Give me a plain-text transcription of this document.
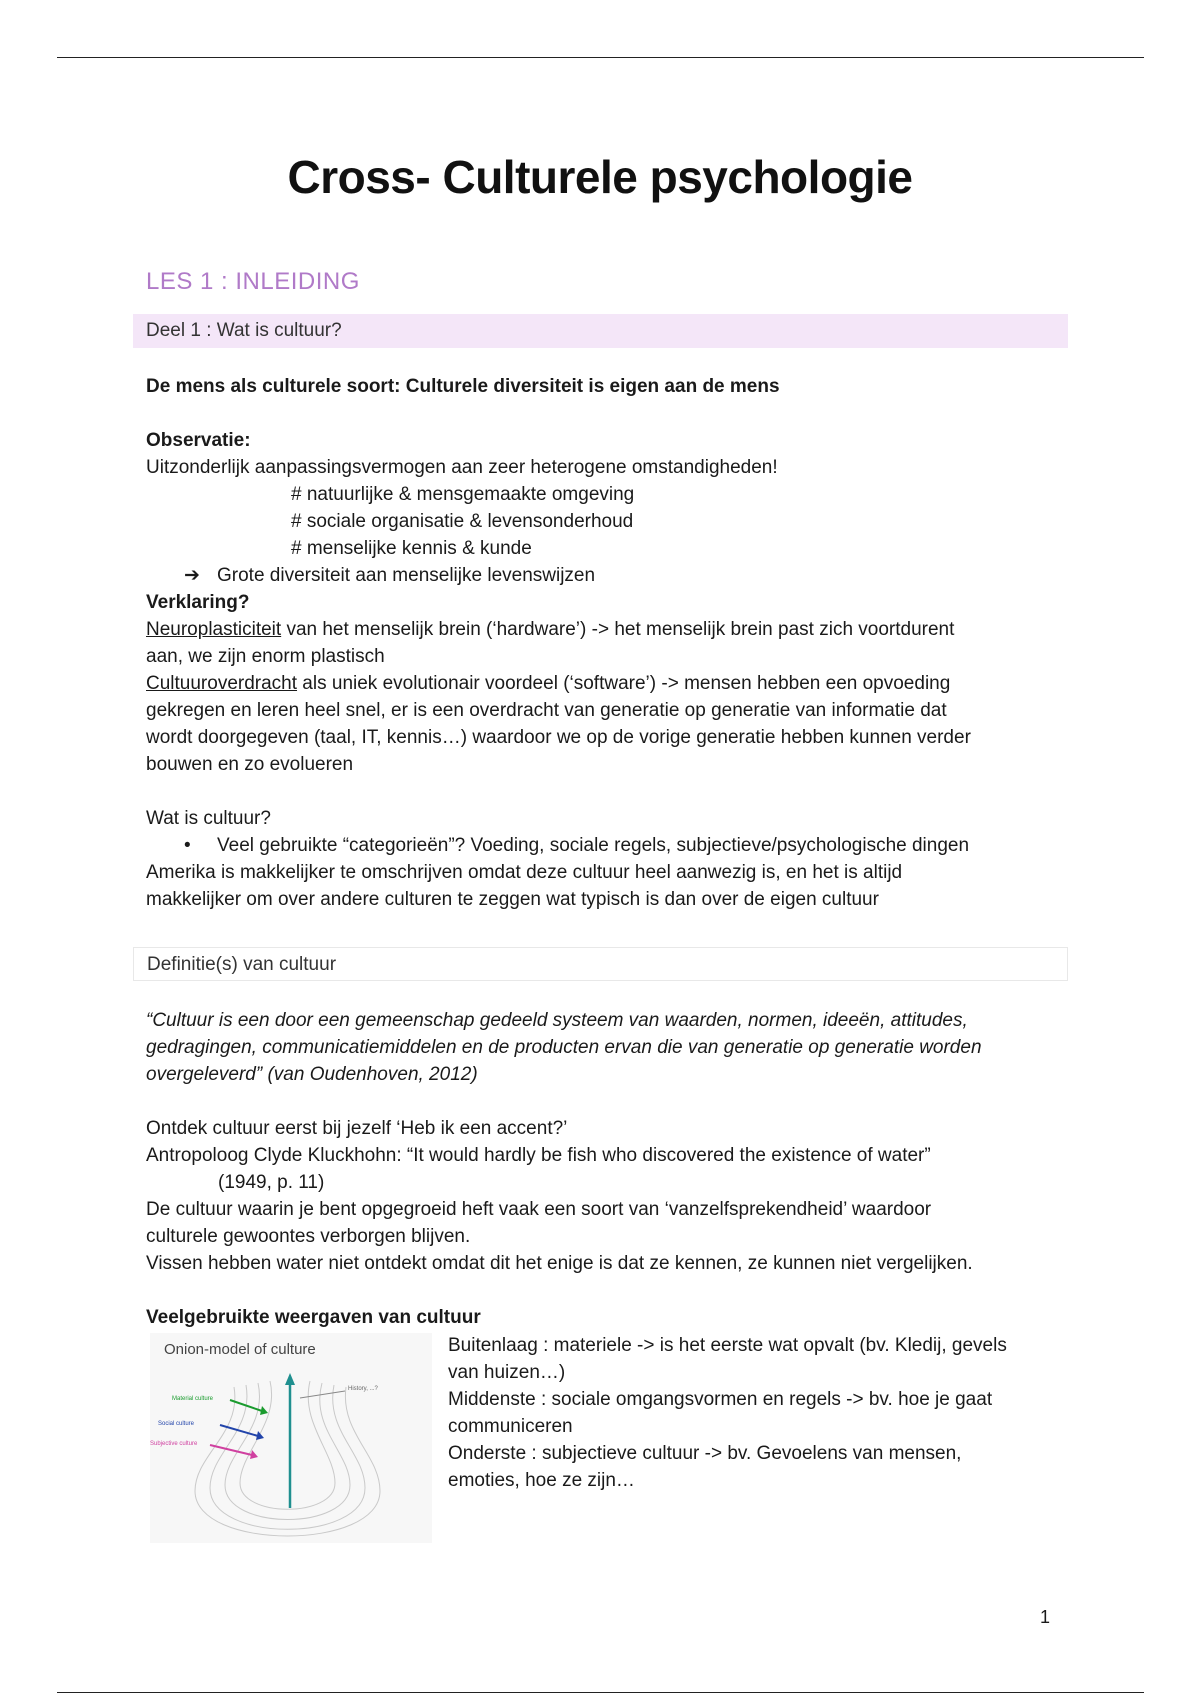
Cross- Culturele psychologie
LES 1 : INLEIDING
Deel 1 : Wat is cultuur?
De mens als culturele soort: Culturele diversiteit is eigen aan de mens
Observatie:
Uitzonderlijk aanpassingsvermogen aan zeer heterogene omstandigheden!
# natuurlijke & mensgemaakte omgeving
# sociale organisatie & levensonderhoud
# menselijke kennis & kunde
➔ Grote diversiteit aan menselijke levenswijzen
Verklaring?
Neuroplasticiteit van het menselijk brein (‘hardware’) -> het menselijk brein past zich voortdurent
aan, we zijn enorm plastisch
Cultuuroverdracht als uniek evolutionair voordeel (‘software’) -> mensen hebben een opvoeding
gekregen en leren heel snel, er is een overdracht van generatie op generatie van informatie dat
wordt doorgegeven (taal, IT, kennis…) waardoor we op de vorige generatie hebben kunnen verder
bouwen en zo evolueren
Wat is cultuur?
• Veel gebruikte “categorieën”? Voeding, sociale regels, subjectieve/psychologische dingen
Amerika is makkelijker te omschrijven omdat deze cultuur heel aanwezig is, en het is altijd
makkelijker om over andere culturen te zeggen wat typisch is dan over de eigen cultuur
Definitie(s) van cultuur
“Cultuur is een door een gemeenschap gedeeld systeem van waarden, normen, ideeën, attitudes,
gedragingen, communicatiemiddelen en de producten ervan die van generatie op generatie worden
overgeleverd” (van Oudenhoven, 2012)
Ontdek cultuur eerst bij jezelf ‘Heb ik een accent?’
Antropoloog Clyde Kluckhohn: “It would hardly be fish who discovered the existence of water”
(1949, p. 11)
De cultuur waarin je bent opgegroeid heft vaak een soort van ‘vanzelfsprekendheid’ waardoor
culturele gewoontes verborgen blijven.
Vissen hebben water niet ontdekt omdat dit het enige is dat ze kennen, ze kunnen niet vergelijken.
Veelgebruikte weergaven van cultuur
Onion-model of culture
Material culture
Social culture
Subjective culture
History, ...?
Buitenlaag : materiele -> is het eerste wat opvalt (bv. Kledij, gevels
van huizen…)
Middenste : sociale omgangsvormen en regels -> bv. hoe je gaat
communiceren
Onderste : subjectieve cultuur -> bv. Gevoelens van mensen,
emoties, hoe ze zijn…
1
